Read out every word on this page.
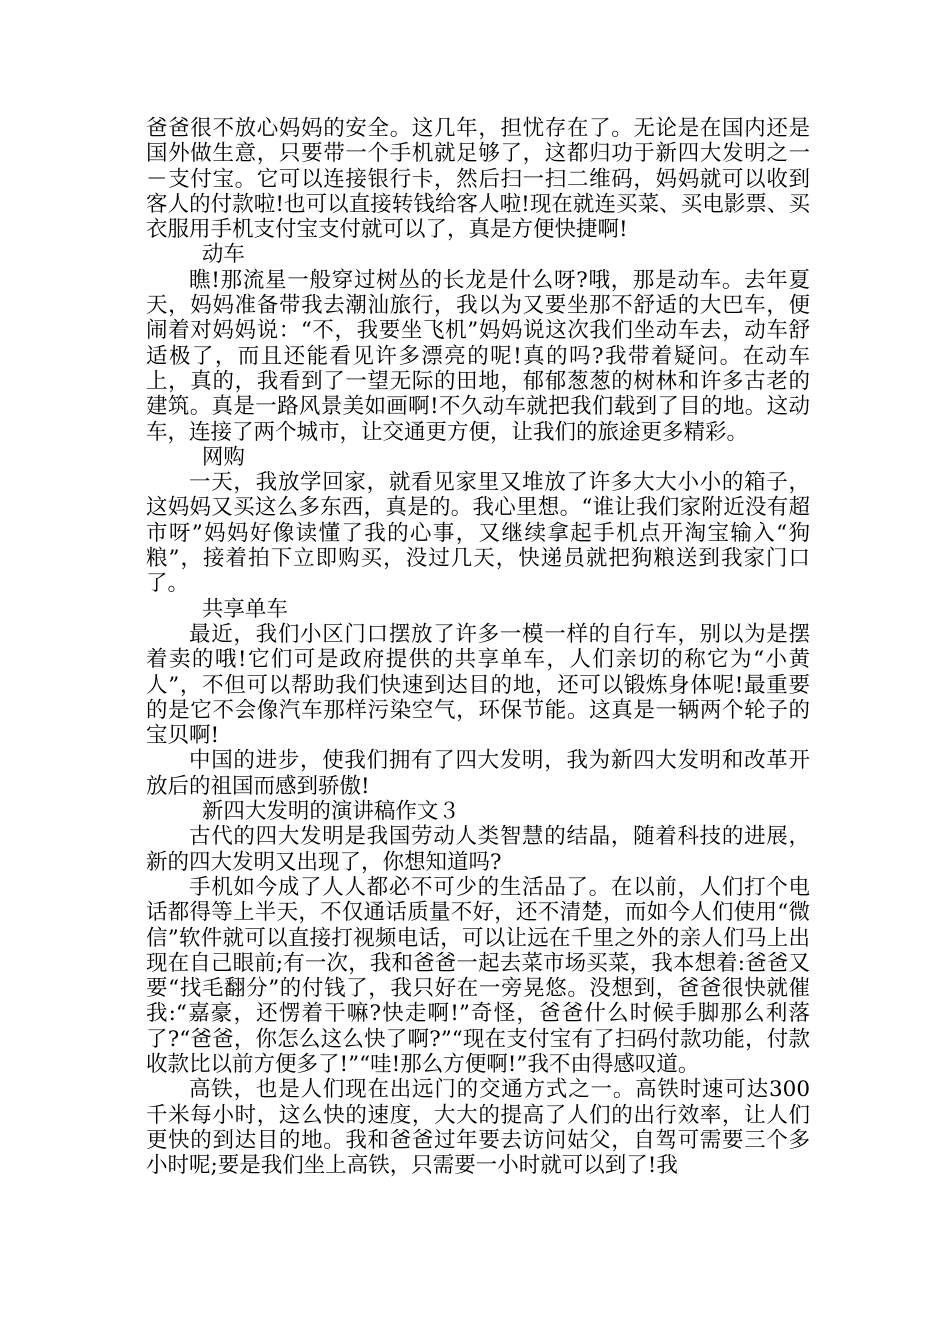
爸爸很不放心妈妈的安全。这几年，担忧存在了。无论是在国内还是国外做生意，只要带一个手机就足够了，这都归功于新四大发明之一－支付宝。它可以连接银行卡，然后扫一扫二维码，妈妈就可以收到客人的付款啦!也可以直接转钱给客人啦!现在就连买菜、买电影票、买衣服用手机支付宝支付就可以了，真是方便快捷啊!

动车

瞧!那流星一般穿过树丛的长龙是什么呀?哦，那是动车。去年夏天，妈妈准备带我去潮汕旅行，我以为又要坐那不舒适的大巴车，便闹着对妈妈说：“不，我要坐飞机”妈妈说这次我们坐动车去，动车舒适极了，而且还能看见许多漂亮的呢!真的吗?我带着疑问。在动车上，真的，我看到了一望无际的田地，郁郁葱葱的树林和许多古老的建筑。真是一路风景美如画啊!不久动车就把我们载到了目的地。这动车，连接了两个城市，让交通更方便，让我们的旅途更多精彩。

网购

一天，我放学回家，就看见家里又堆放了许多大大小小的箱子，这妈妈又买这么多东西，真是的。我心里想。“谁让我们家附近没有超市呀”妈妈好像读懂了我的心事，又继续拿起手机点开淘宝输入“狗粮”，接着拍下立即购买，没过几天，快递员就把狗粮送到我家门口了。

共享单车

最近，我们小区门口摆放了许多一模一样的自行车，别以为是摆着卖的哦!它们可是政府提供的共享单车，人们亲切的称它为“小黄人”，不但可以帮助我们快速到达目的地，还可以锻炼身体呢!最重要的是它不会像汽车那样污染空气，环保节能。这真是一辆两个轮子的宝贝啊!

中国的进步，使我们拥有了四大发明，我为新四大发明和改革开放后的祖国而感到骄傲!

新四大发明的演讲稿作文３

古代的四大发明是我国劳动人类智慧的结晶，随着科技的进展，新的四大发明又出现了，你想知道吗?

手机如今成了人人都必不可少的生活品了。在以前，人们打个电话都得等上半天，不仅通话质量不好，还不清楚，而如今人们使用“微信”软件就可以直接打视频电话，可以让远在千里之外的亲人们马上出现在自己眼前;有一次，我和爸爸一起去菜市场买菜，我本想着:爸爸又要“找毛翻分”的付钱了，我只好在一旁晃悠。没想到，爸爸很快就催我:“嘉豪，还愣着干嘛?快走啊!”奇怪，爸爸什么时候手脚那么利落了?“爸爸，你怎么这么快了啊?”“现在支付宝有了扫码付款功能，付款收款比以前方便多了!”“哇!那么方便啊!”我不由得感叹道。

高铁，也是人们现在出远门的交通方式之一。高铁时速可达300千米每小时，这么快的速度，大大的提高了人们的出行效率，让人们更快的到达目的地。我和爸爸过年要去访问姑父，自驾可需要三个多小时呢;要是我们坐上高铁，只需要一小时就可以到了!我
